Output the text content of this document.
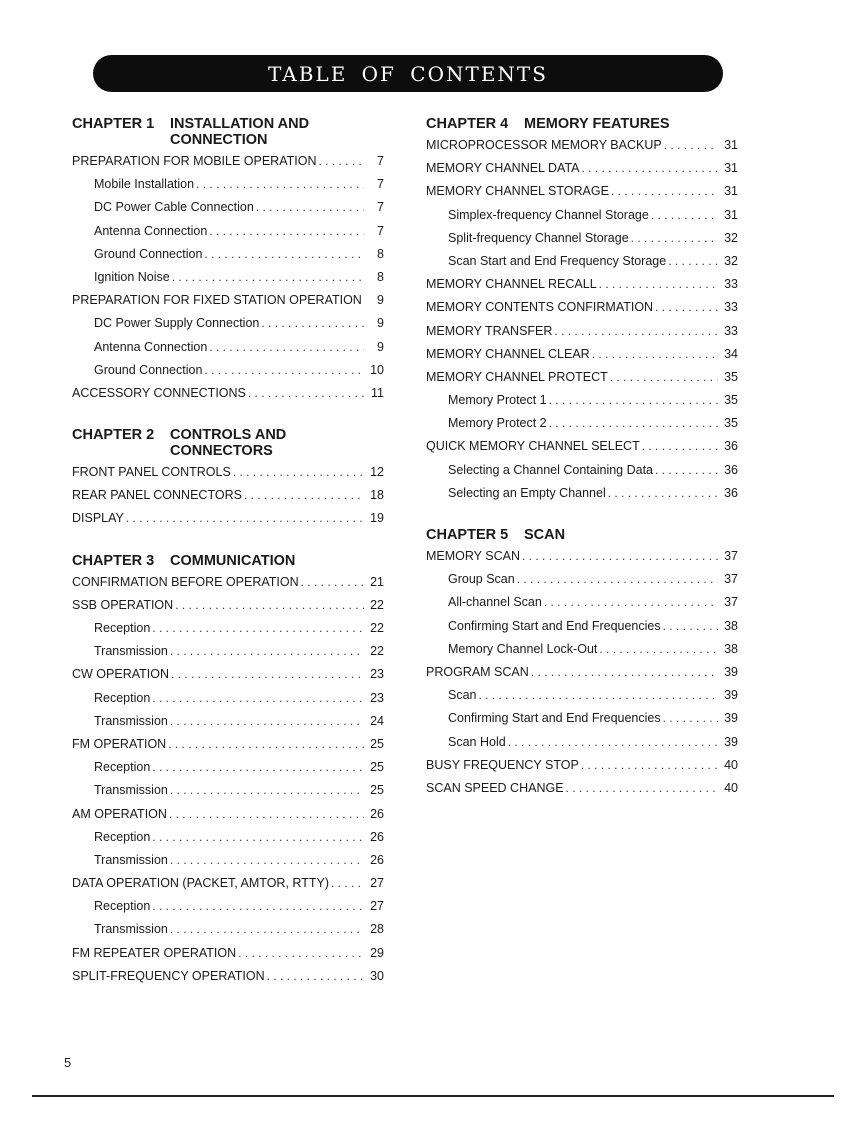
TABLE OF CONTENTS
CHAPTER 1	INSTALLATION AND CONNECTION
PREPARATION FOR MOBILE OPERATION . . .	7
Mobile Installation . . .	7
DC Power Cable Connection . . .	7
Antenna Connection . . .	7
Ground Connection . . .	8
Ignition Noise . . .	8
PREPARATION FOR FIXED STATION OPERATION . . .	9
DC Power Supply Connection . . .	9
Antenna Connection . . .	9
Ground Connection . . .	10
ACCESSORY CONNECTIONS . . .	11
CHAPTER 2	CONTROLS AND CONNECTORS
FRONT PANEL CONTROLS . . .	12
REAR PANEL CONNECTORS . . .	18
DISPLAY . . .	19
CHAPTER 3	COMMUNICATION
CONFIRMATION BEFORE OPERATION . . .	21
SSB OPERATION . . .	22
Reception . . .	22
Transmission . . .	22
CW OPERATION . . .	23
Reception . . .	23
Transmission . . .	24
FM OPERATION . . .	25
Reception . . .	25
Transmission . . .	25
AM OPERATION . . .	26
Reception . . .	26
Transmission . . .	26
DATA OPERATION (PACKET, AMTOR, RTTY) . . .	27
Reception . . .	27
Transmission . . .	28
FM REPEATER OPERATION . . .	29
SPLIT-FREQUENCY OPERATION . . .	30
CHAPTER 4	MEMORY FEATURES
MICROPROCESSOR MEMORY BACKUP . . .	31
MEMORY CHANNEL DATA . . .	31
MEMORY CHANNEL STORAGE . . .	31
Simplex-frequency Channel Storage . . .	31
Split-frequency Channel Storage . . .	32
Scan Start and End Frequency Storage . . .	32
MEMORY CHANNEL RECALL . . .	33
MEMORY CONTENTS CONFIRMATION . . .	33
MEMORY TRANSFER . . .	33
MEMORY CHANNEL CLEAR . . .	34
MEMORY CHANNEL PROTECT . . .	35
Memory Protect 1 . . .	35
Memory Protect 2 . . .	35
QUICK MEMORY CHANNEL SELECT . . .	36
Selecting a Channel Containing Data . . .	36
Selecting an Empty Channel . . .	36
CHAPTER 5	SCAN
MEMORY SCAN . . .	37
Group Scan . . .	37
All-channel Scan . . .	37
Confirming Start and End Frequencies . . .	38
Memory Channel Lock-Out . . .	38
PROGRAM SCAN . . .	39
Scan . . .	39
Confirming Start and End Frequencies . . .	39
Scan Hold . . .	39
BUSY FREQUENCY STOP . . .	40
SCAN SPEED CHANGE . . .	40
5
